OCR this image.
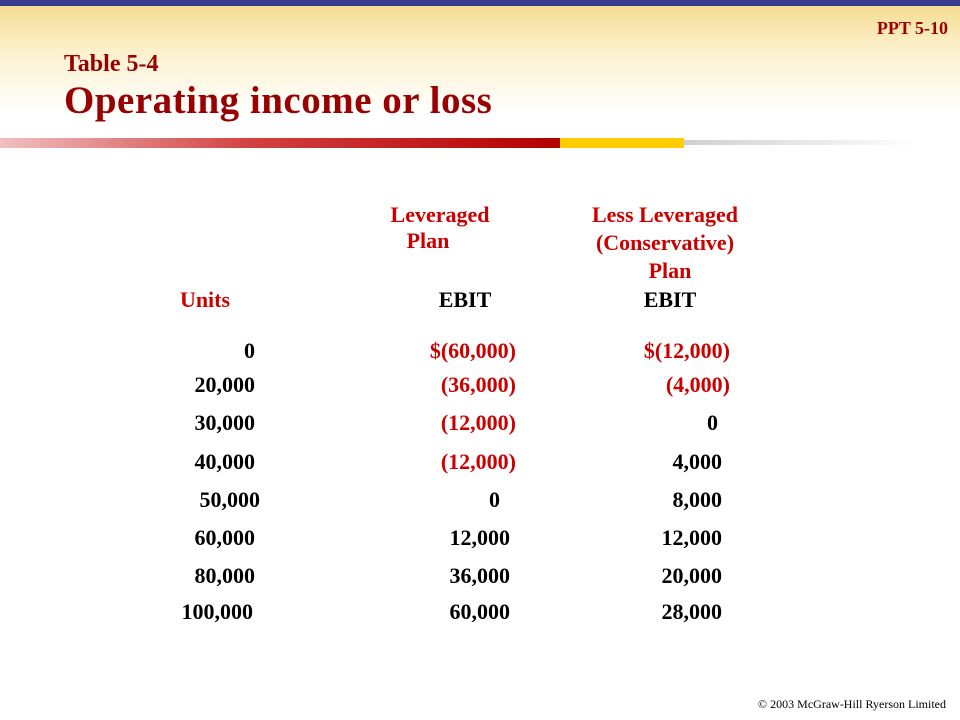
PPT 5-10
Table 5-4
Operating income or loss
Leveraged
Plan
Less Leveraged
(Conservative)
Plan
Units	EBIT	EBIT
0	$(60,000)	$(12,000)
20,000	(36,000)	(4,000)
30,000	(12,000)	0
40,000	(12,000)	4,000
50,000	0	8,000
60,000	12,000	12,000
80,000	36,000	20,000
100,000	60,000	28,000
© 2003 McGraw-Hill Ryerson Limited
